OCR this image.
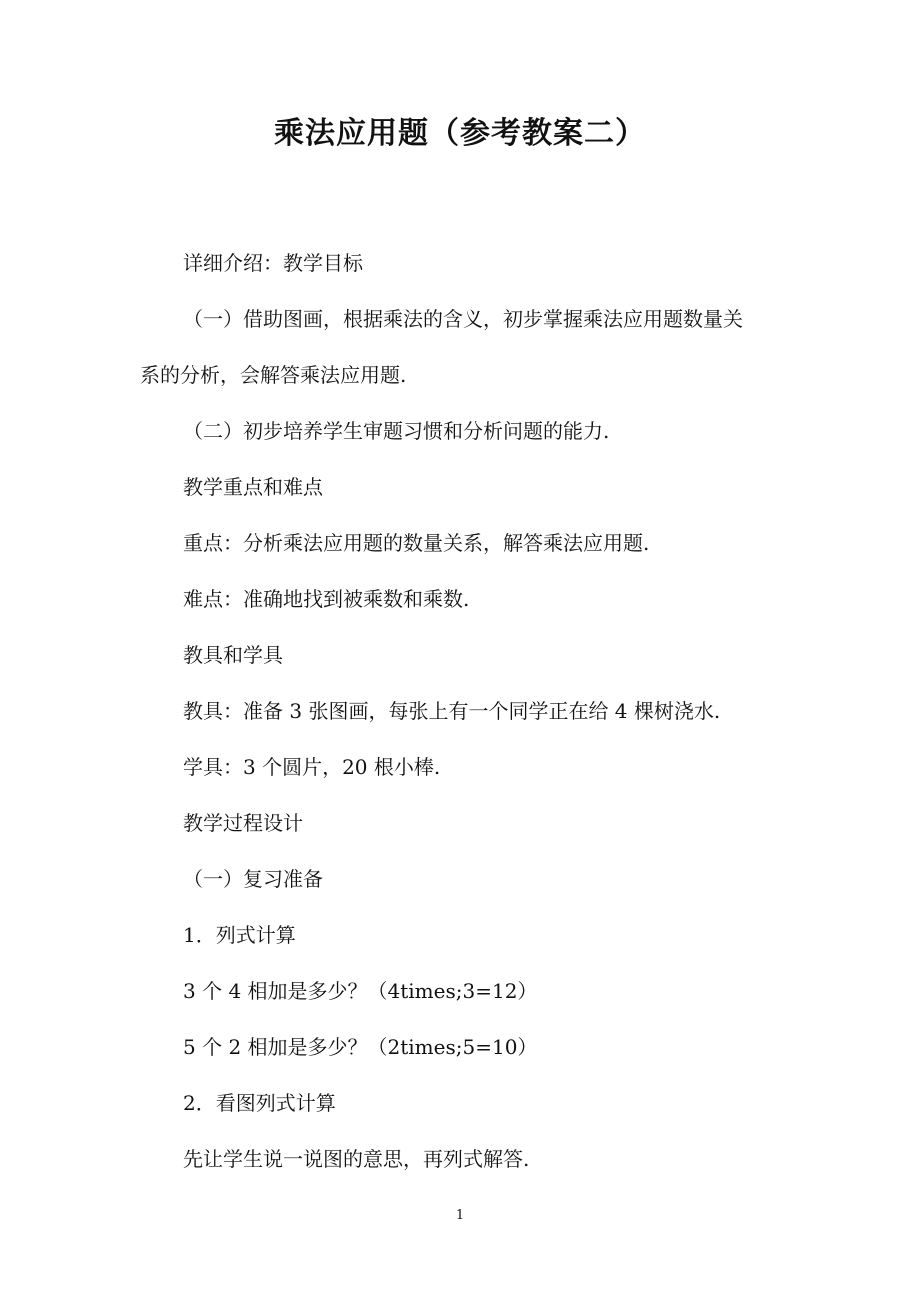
乘法应用题（参考教案二）
详细介绍：教学目标
（一）借助图画，根据乘法的含义，初步掌握乘法应用题数量关
系的分析，会解答乘法应用题.
（二）初步培养学生审题习惯和分析问题的能力.
教学重点和难点
重点：分析乘法应用题的数量关系，解答乘法应用题.
难点：准确地找到被乘数和乘数.
教具和学具
教具：准备 3 张图画，每张上有一个同学正在给 4 棵树浇水.
学具：3 个圆片，20 根小棒.
教学过程设计
（一）复习准备
1．列式计算
3 个 4 相加是多少？（4times;3=12）
5 个 2 相加是多少？（2times;5=10）
2．看图列式计算
先让学生说一说图的意思，再列式解答.
1
